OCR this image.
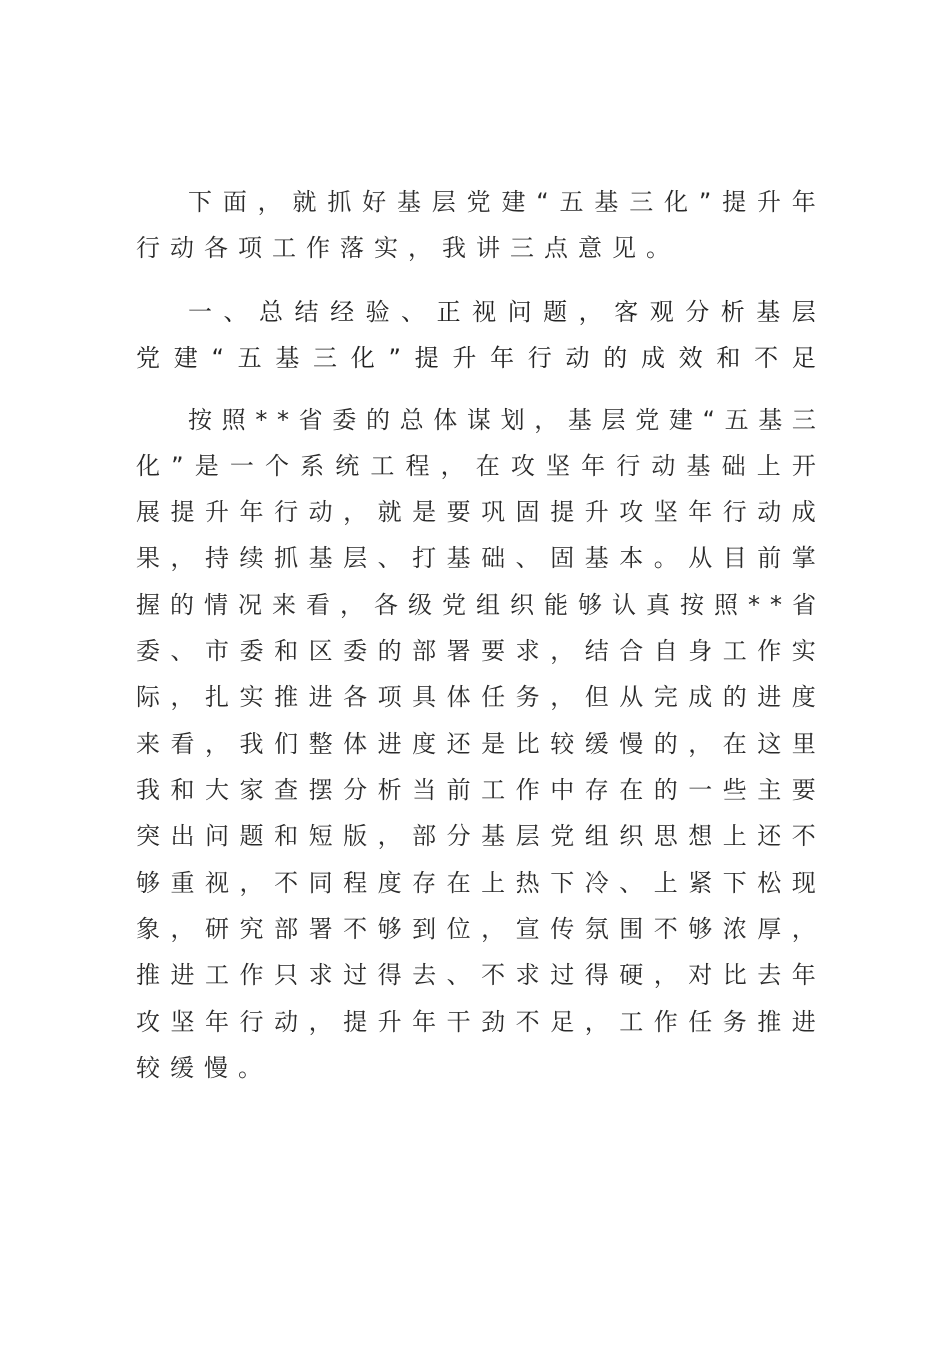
下 面 ， 就 抓 好 基 层 党 建 “ 五 基 三 化 ” 提 升 年
行动各项工作落实，我讲三点意见。
一 、 总 结 经 验 、 正 视 问 题 ， 客 观 分 析 基 层
党 建 “ 五 基 三 化 ” 提 升 年 行 动 的 成 效 和 不 足
按 照 * * 省 委 的 总 体 谋 划 ， 基 层 党 建 “ 五 基 三
化 ” 是 一 个 系 统 工 程 ， 在 攻 坚 年 行 动 基 础 上 开
展 提 升 年 行 动 ， 就 是 要 巩 固 提 升 攻 坚 年 行 动 成
果 ， 持 续 抓 基 层 、 打 基 础 、 固 基 本 。 从 目 前 掌
握 的 情 况 来 看 ， 各 级 党 组 织 能 够 认 真 按 照 * * 省
委 、 市 委 和 区 委 的 部 署 要 求 ， 结 合 自 身 工 作 实
际 ， 扎 实 推 进 各 项 具 体 任 务 ， 但 从 完 成 的 进 度
来 看 ， 我 们 整 体 进 度 还 是 比 较 缓 慢 的 ， 在 这 里
我 和 大 家 查 摆 分 析 当 前 工 作 中 存 在 的 一 些 主 要
突 出 问 题 和 短 版 ， 部 分 基 层 党 组 织 思 想 上 还 不
够 重 视 ， 不 同 程 度 存 在 上 热 下 冷 、 上 紧 下 松 现
象 ， 研 究 部 署 不 够 到 位 ， 宣 传 氛 围 不 够 浓 厚 ，
推 进 工 作 只 求 过 得 去 、 不 求 过 得 硬 ， 对 比 去 年
攻 坚 年 行 动 ， 提 升 年 干 劲 不 足 ， 工 作 任 务 推 进
较缓慢。
